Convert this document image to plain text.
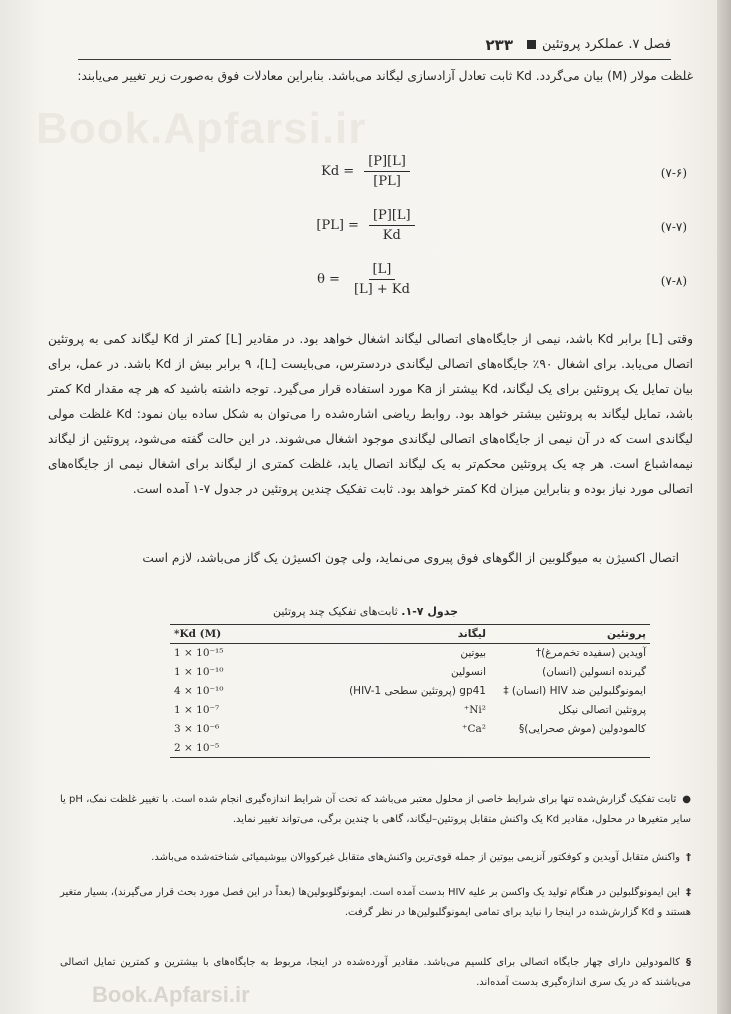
Book.Apfarsi.ir
Book.Apfarsi.ir
فصل ۷. عملکرد پروتئین
۲۳۳

غلظت مولار (M) بیان می‌گردد. Kd ثابت تعادل آزادسازی لیگاند می‌باشد. بنابراین معادلات فوق به‌صورت زیر تغییر می‌یابند:

$Kd = \frac{[P][L]}{[PL]}$	(۷-۶)
$[PL] = \frac{[P][L]}{Kd}$	(۷-۷)
$\theta = \frac{[L]}{[L] + Kd}$	(۷-۸)

وقتی [L] برابر Kd باشد، نیمی از جایگاه‌های اتصالی لیگاند اشغال خواهد بود. در مقادیر [L] کمتر از Kd لیگاند کمی به پروتئین اتصال می‌یابد. برای اشغال ۹۰٪ جایگاه‌های اتصالی لیگاندی دردسترس، می‌بایست [L]، ۹ برابر بیش از Kd باشد. در عمل، برای بیان تمایل یک پروتئین برای یک لیگاند، Kd بیشتر از Ka مورد استفاده قرار می‌گیرد. توجه داشته باشید که هر چه مقدار Kd کمتر باشد، تمایل لیگاند به پروتئین بیشتر خواهد بود. روابط ریاضی اشاره‌شده را می‌توان به شکل ساده بیان نمود: Kd غلظت مولی لیگاندی است که در آن نیمی از جایگاه‌های اتصالی لیگاندی موجود اشغال می‌شوند. در این حالت گفته می‌شود، پروتئین از لیگاند نیمه‌اشباع است. هر چه یک پروتئین محکم‌تر به یک لیگاند اتصال یابد، غلظت کمتری از لیگاند برای اشغال نیمی از جایگاه‌های اتصالی مورد نیاز بوده و بنابراین میزان Kd کمتر خواهد بود. ثابت تفکیک چندین پروتئین در جدول ۷-۱ آمده است.

اتصال اکسیژن به میوگلوبین از الگوهای فوق پیروی می‌نماید، ولی چون اکسیژن یک گاز می‌باشد، لازم است

جدول ۷-۱. ثابت‌های تفکیک چند پروتئین
پروتئین	لیگاند	*Kd (M)
آویدین (سفیده تخم‌مرغ)†	بیوتین	1 × 10⁻¹⁵
گیرنده انسولین (انسان)	انسولین	1 × 10⁻¹⁰
ایمونوگلبولین ضد HIV (انسان) ‡	gp41 (پروتئین سطحی HIV-1)	4 × 10⁻¹⁰
پروتئین اتصالی نیکل	Ni²⁺	1 × 10⁻⁷
کالمودولین (موش صحرایی)§	Ca²⁺	3 × 10⁻⁶
		2 × 10⁻⁵

●ثابت تفکیک گزارش‌شده تنها برای شرایط خاصی از محلول معتبر می‌باشد که تحت آن شرایط اندازه‌گیری انجام شده است. با تغییر غلظت نمک، pH یا سایر متغیرها در محلول، مقادیر Kd یک واکنش متقابل پروتئین–لیگاند، گاهی با چندین برگی، می‌تواند تغییر نماید.

†واکنش متقابل آویدین و کوفکتور آنزیمی بیوتین از جمله قوی‌ترین واکنش‌های متقابل غیرکووالان بیوشیمیائی شناخته‌شده می‌باشد.

‡این ایمونوگلبولین در هنگام تولید یک واکسن بر علیه HIV بدست آمده است. ایمونوگلوبولین‌ها (بعداً در این فصل مورد بحث قرار می‌گیرند)، بسیار متغیر هستند و Kd گزارش‌شده در اینجا را نباید برای تمامی ایمونوگلبولین‌ها در نظر گرفت.

§کالمودولین دارای چهار جایگاه اتصالی برای کلسیم می‌باشد. مقادیر آورده‌شده در اینجا، مربوط به جایگاه‌های با بیشترین و کمترین تمایل اتصالی می‌باشند که در یک سری اندازه‌گیری بدست آمده‌اند.
